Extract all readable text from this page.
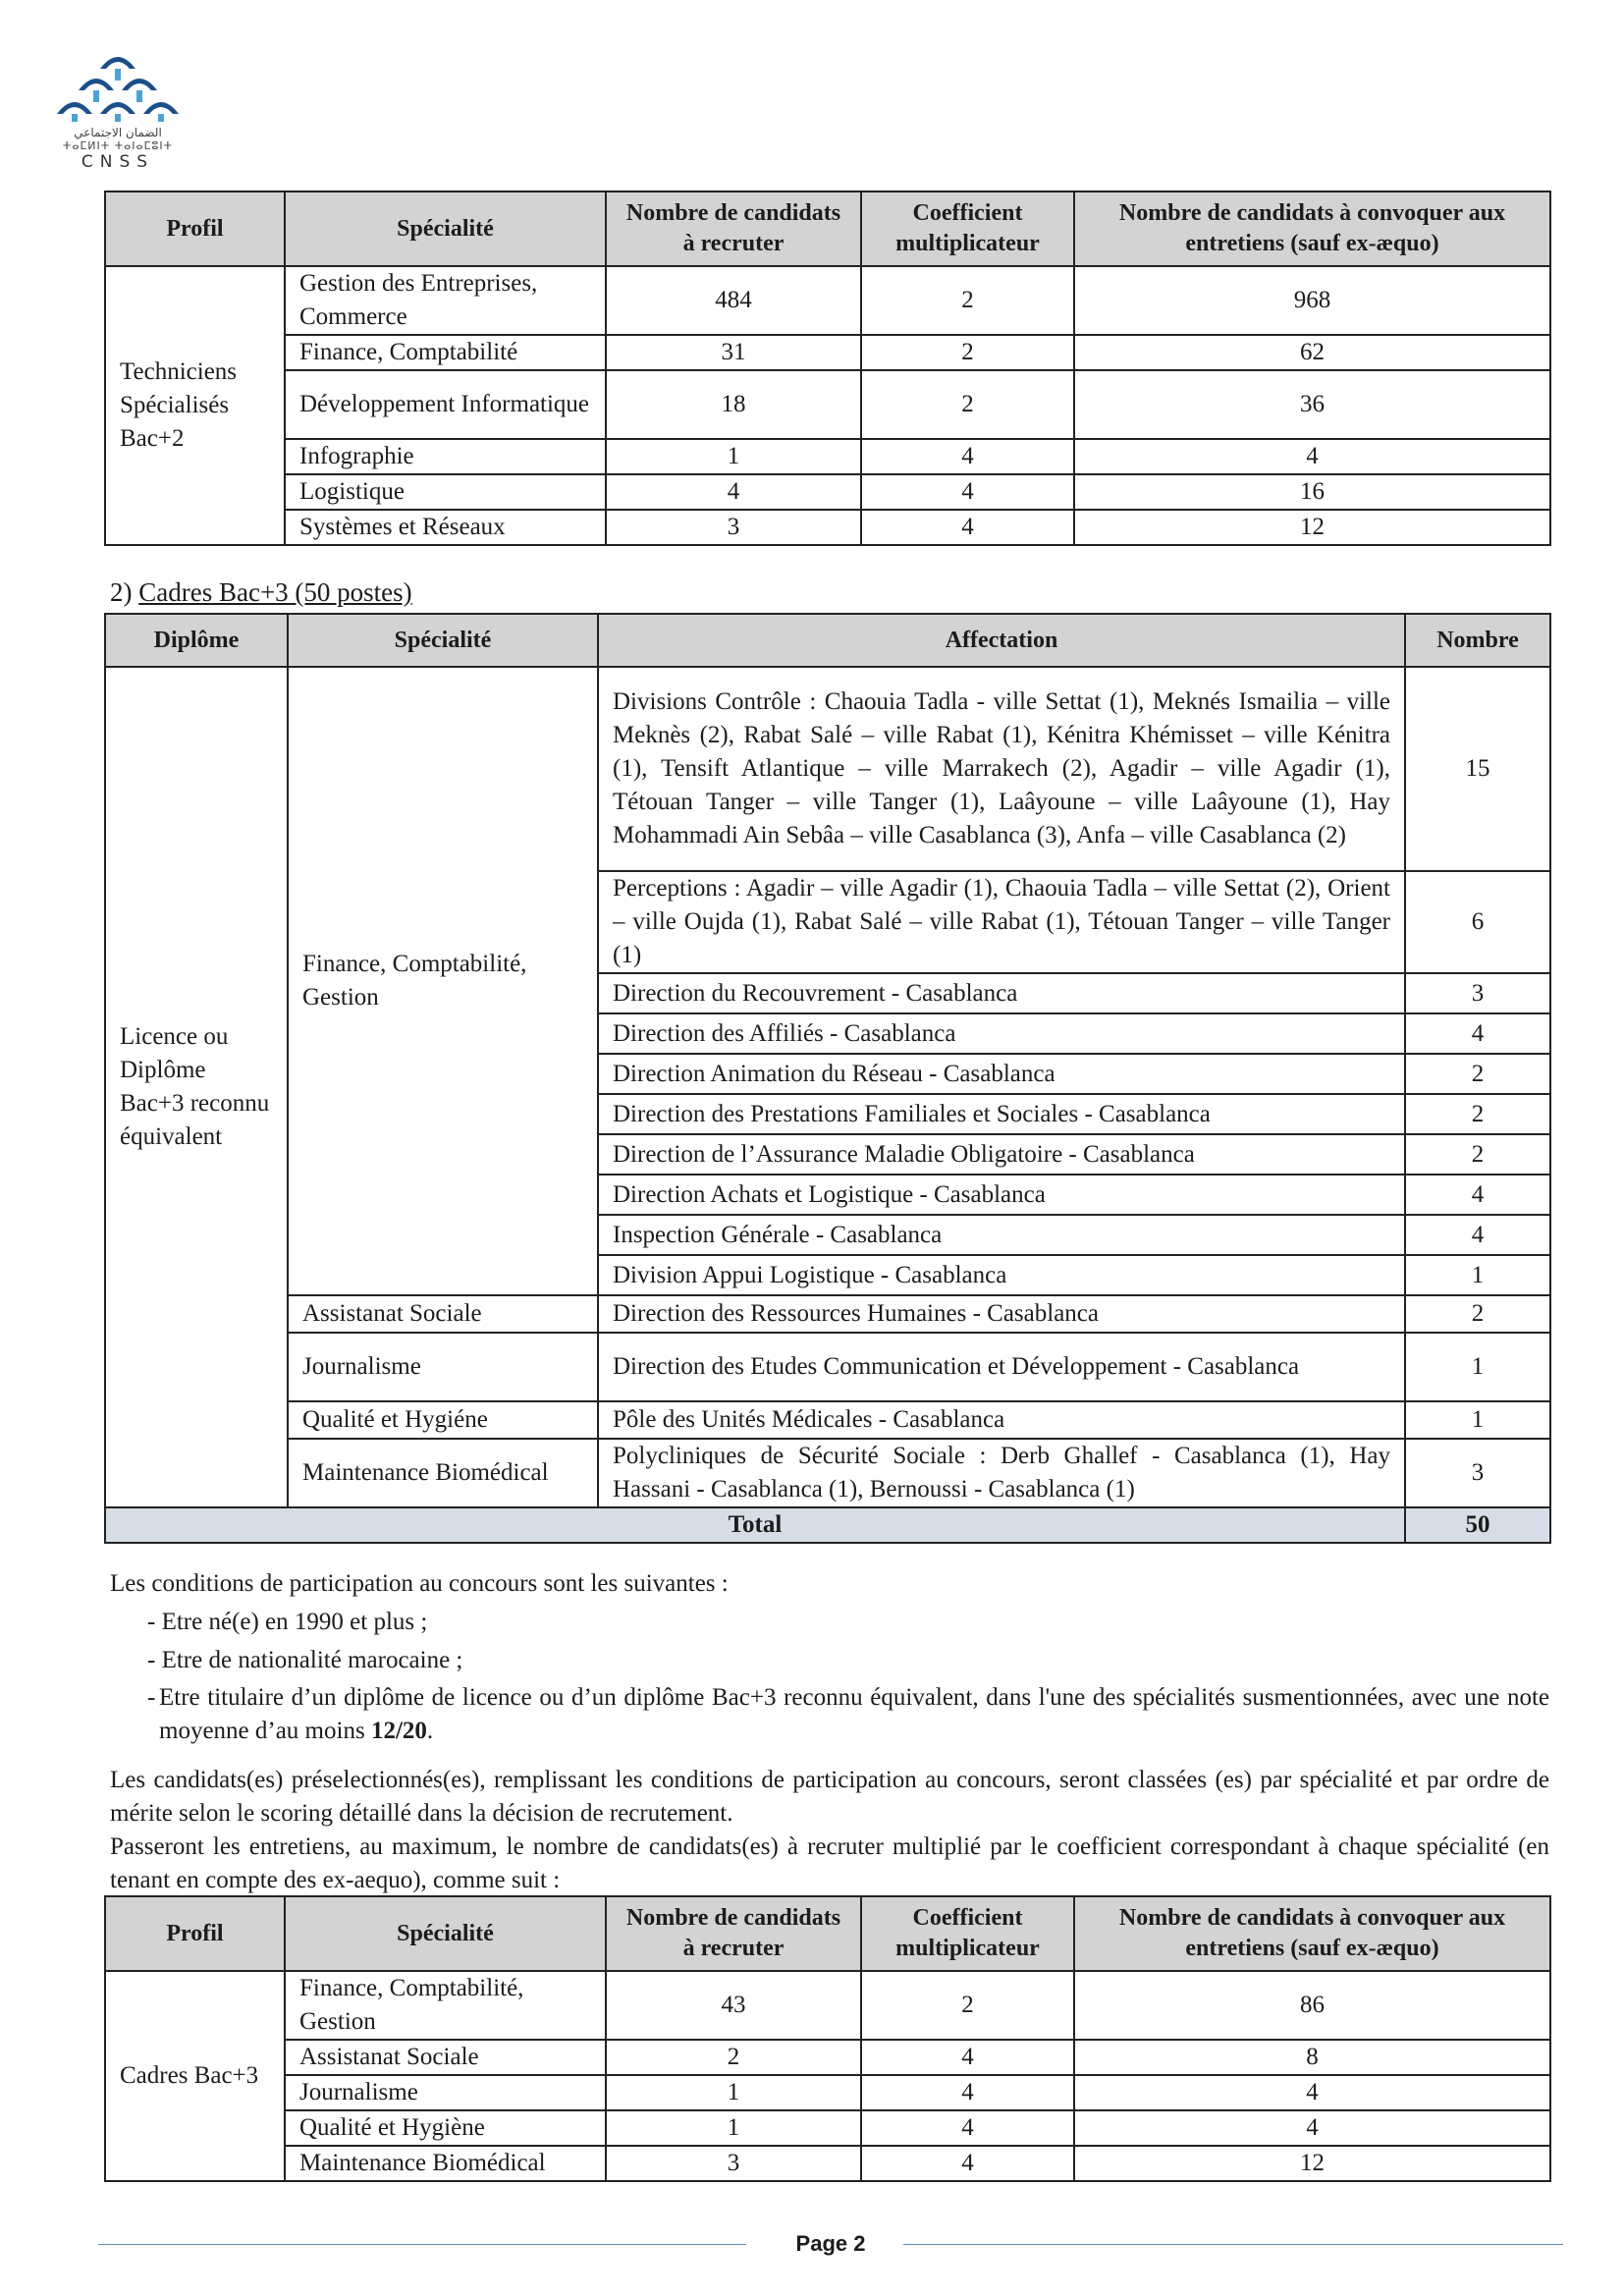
الضمان الاجتماعي
ⵜⴰⵎⵍⵏⵜ ⵜⴰⵏⴰⵎⵓⵏⵜ
CNSS
Profil	Spécialité	Nombre de candidats à recruter	Coefficient multiplicateur	Nombre de candidats à convoquer aux entretiens (sauf ex-æquo)
Techniciens Spécialisés Bac+2	Gestion des Entreprises, Commerce	484	2	968
	Finance, Comptabilité	31	2	62
	Développement Informatique	18	2	36
	Infographie	1	4	4
	Logistique	4	4	16
	Systèmes et Réseaux	3	4	12
2) Cadres Bac+3 (50 postes)
Diplôme	Spécialité	Affectation	Nombre
Licence ou Diplôme Bac+3 reconnu équivalent	Finance, Comptabilité, Gestion	Divisions Contrôle : Chaouia Tadla - ville Settat (1), Meknés Ismailia – ville Meknès (2), Rabat Salé – ville Rabat (1), Kénitra Khémisset – ville Kénitra (1), Tensift Atlantique – ville Marrakech (2), Agadir – ville Agadir (1), Tétouan Tanger – ville Tanger (1), Laâyoune – ville Laâyoune (1), Hay Mohammadi Ain Sebâa – ville Casablanca (3), Anfa – ville Casablanca (2)	15
		Perceptions : Agadir – ville Agadir (1), Chaouia Tadla – ville Settat (2), Orient – ville Oujda (1), Rabat Salé – ville Rabat (1), Tétouan Tanger – ville Tanger (1)	6
		Direction du Recouvrement - Casablanca	3
		Direction des Affiliés - Casablanca	4
		Direction Animation du Réseau - Casablanca	2
		Direction des Prestations Familiales et Sociales - Casablanca	2
		Direction de l’Assurance Maladie Obligatoire - Casablanca	2
		Direction Achats et Logistique - Casablanca	4
		Inspection Générale - Casablanca	4
		Division Appui Logistique - Casablanca	1
	Assistanat Sociale	Direction des Ressources Humaines - Casablanca	2
	Journalisme	Direction des Etudes Communication et Développement - Casablanca	1
	Qualité et Hygiéne	Pôle des Unités Médicales - Casablanca	1
	Maintenance Biomédical	Polycliniques de Sécurité Sociale : Derb Ghallef - Casablanca (1), Hay Hassani - Casablanca (1), Bernoussi - Casablanca (1)	3
Total			50
Les conditions de participation au concours sont les suivantes :
- Etre né(e) en 1990 et plus ;
- Etre de nationalité marocaine ;
- Etre titulaire d’un diplôme de licence ou d’un diplôme Bac+3 reconnu équivalent, dans l'une des spécialités susmentionnées, avec une note moyenne d’au moins 12/20.
Les candidats(es) préselectionnés(es), remplissant les conditions de participation au concours, seront classées (es) par spécialité et par ordre de mérite selon le scoring détaillé dans la décision de recrutement.
Passeront les entretiens, au maximum, le nombre de candidats(es) à recruter multiplié par le coefficient correspondant à chaque spécialité (en tenant en compte des ex-aequo), comme suit :
Profil	Spécialité	Nombre de candidats à recruter	Coefficient multiplicateur	Nombre de candidats à convoquer aux entretiens (sauf ex-æquo)
Cadres Bac+3	Finance, Comptabilité, Gestion	43	2	86
	Assistanat Sociale	2	4	8
	Journalisme	1	4	4
	Qualité et Hygiène	1	4	4
	Maintenance Biomédical	3	4	12
Page 2
